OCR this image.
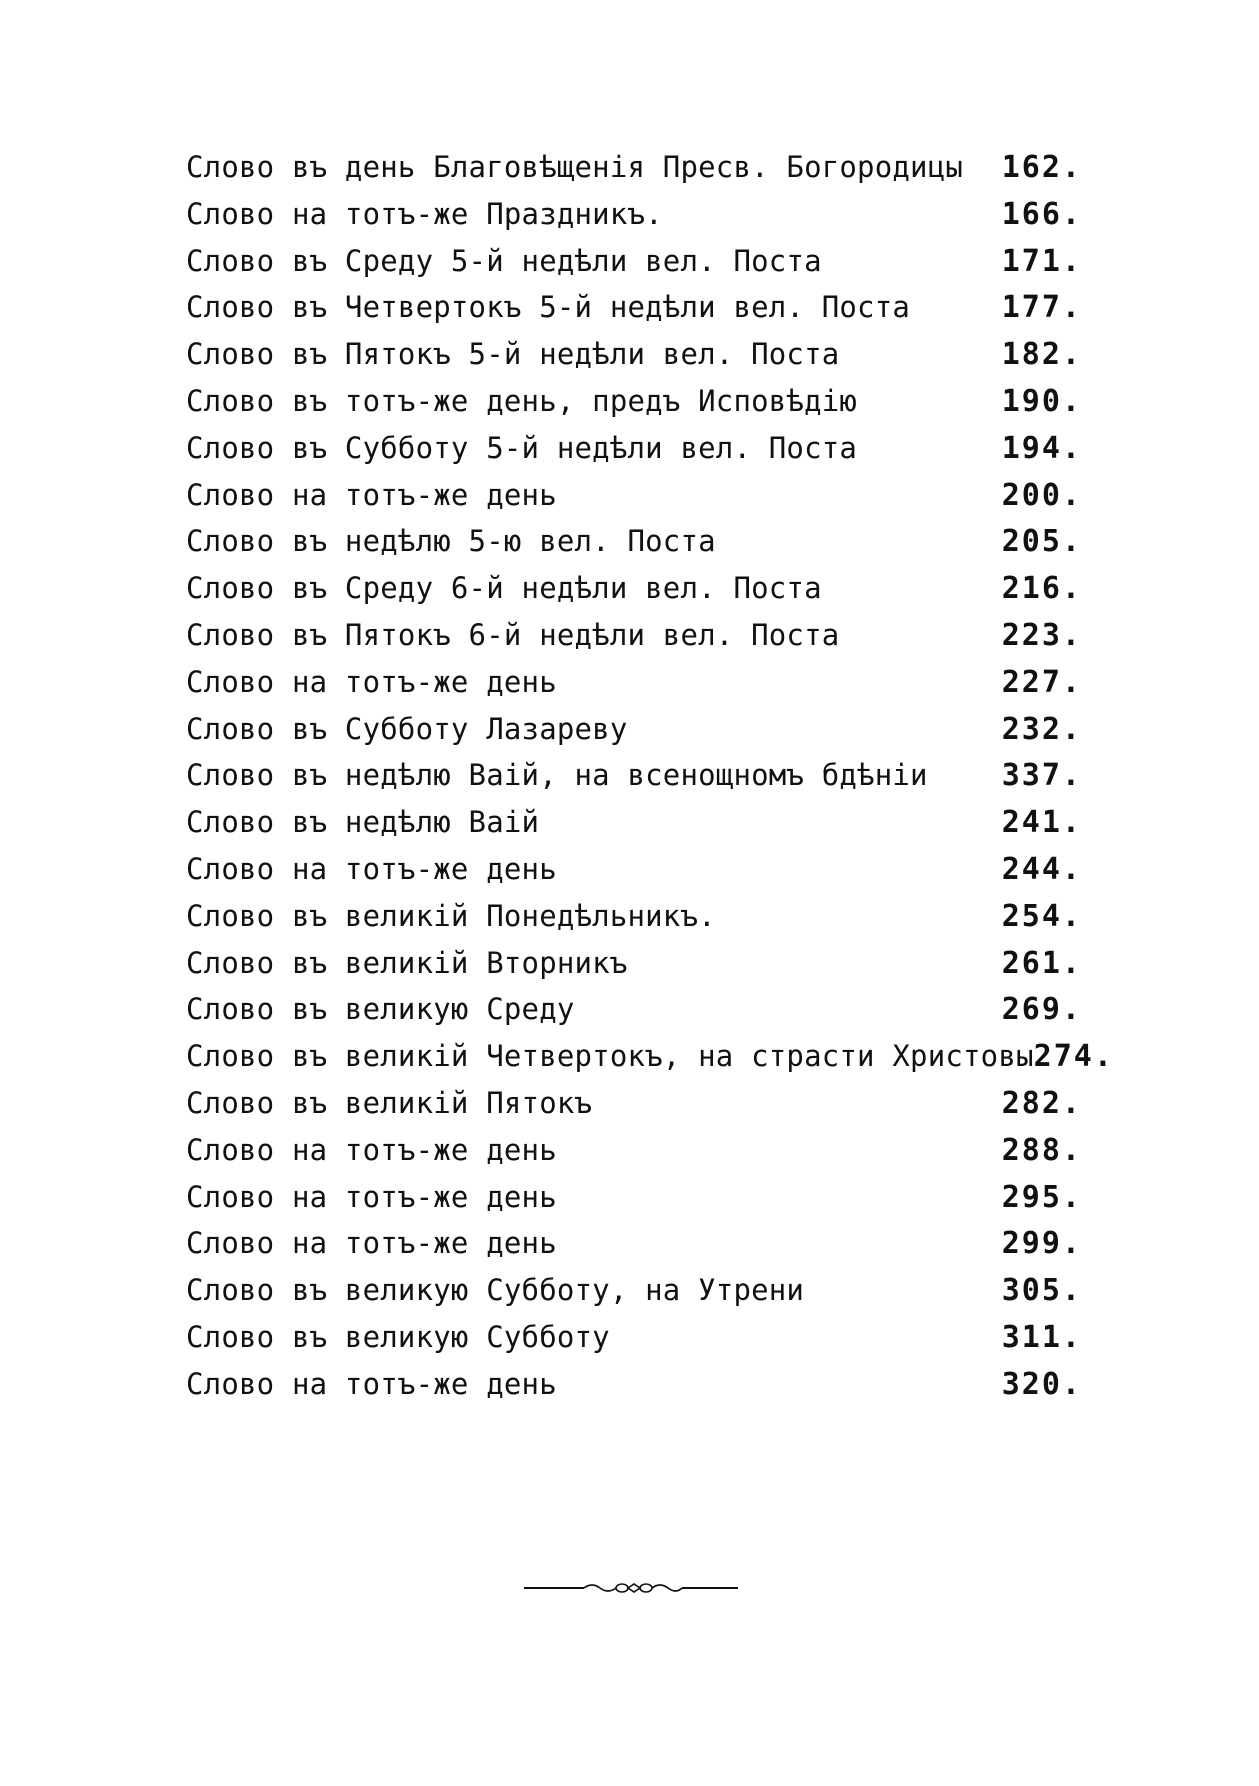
Слово въ день Благовѣщенія Пресв. Богородицы 162.
Слово на тотъ-же Праздникъ.	166.
Слово въ Среду 5-й недѣли вел. Поста	171.
Слово въ Четвертокъ 5-й недѣли вел. Поста	177.
Слово въ Пятокъ 5-й недѣли вел. Поста	182.
Слово въ тотъ-же день, предъ Исповѣдію	190.
Слово въ Субботу 5-й недѣли вел. Поста	194.
Слово на тотъ-же день	200.
Слово въ недѣлю 5-ю вел. Поста	205.
Слово въ Среду 6-й недѣли вел. Поста	216.
Слово въ Пятокъ 6-й недѣли вел. Поста	223.
Слово на тотъ-же день	227.
Слово въ Субботу Лазареву	232.
Слово въ недѣлю Ваій, на всенощномъ бдѣніи 337.
Слово въ недѣлю Ваій	241.
Слово на тотъ-же день	244.
Слово въ великій Понедѣльникъ.	254.
Слово въ великій Вторникъ	261.
Слово въ великую Среду	269.
Слово въ великій Четвертокъ, на страсти Христовы 274.
Слово въ великій Пятокъ	282.
Слово на тотъ-же день	288.
Слово на тотъ-же день	295.
Слово на тотъ-же день	299.
Слово въ великую Субботу, на Утрени	305.
Слово въ великую Субботу	311.
Слово на тотъ-же день	320.
